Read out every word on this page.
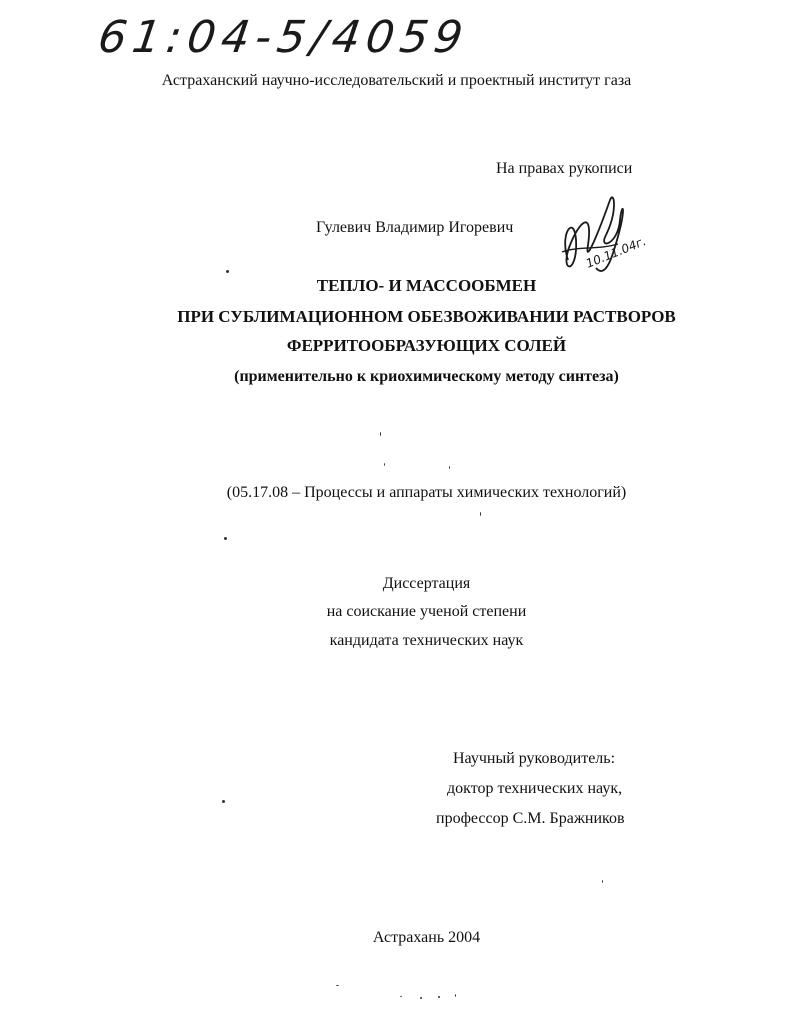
61:04-5/4059
Астраханский научно-исследовательский и проектный институт газа
На правах рукописи
Гулевич Владимир Игоревич
10.11.04г.
ТЕПЛО- И МАССООБМЕН
ПРИ СУБЛИМАЦИОННОМ ОБЕЗВОЖИВАНИИ РАСТВОРОВ
ФЕРРИТООБРАЗУЮЩИХ СОЛЕЙ
(применительно к криохимическому методу синтеза)
(05.17.08 – Процессы и аппараты химических технологий)
Диссертация
на соискание ученой степени
кандидата технических наук
Научный руководитель:
доктор технических наук,
профессор С.М. Бражников
Астрахань 2004
